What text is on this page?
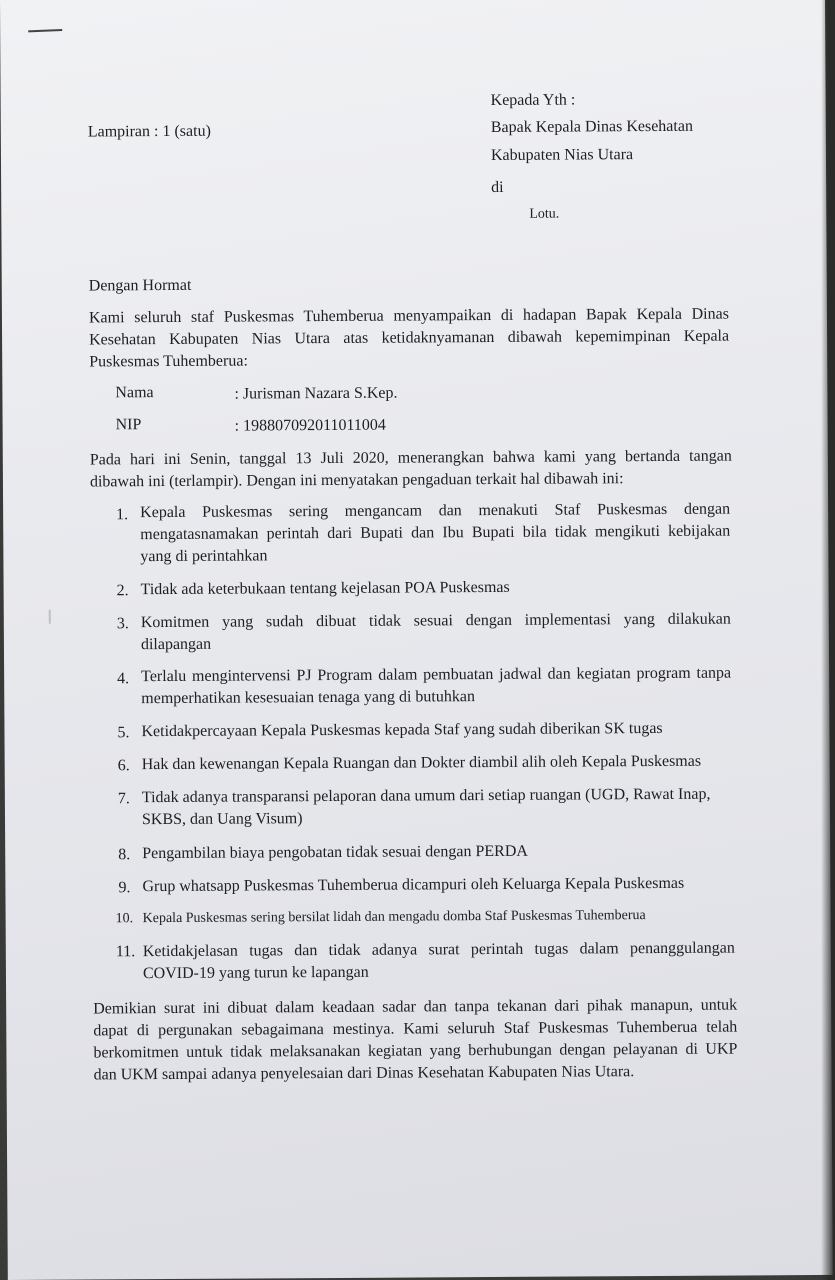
Kepada Yth :
Lampiran : 1 (satu)	Bapak Kepala Dinas Kesehatan
Kabupaten Nias Utara
di
Lotu.
Dengan Hormat
Kami seluruh staf Puskesmas Tuhemberua menyampaikan di hadapan Bapak Kepala Dinas
Kesehatan Kabupaten Nias Utara atas ketidaknyamanan dibawah kepemimpinan Kepala
Puskesmas Tuhemberua:
Nama	: Jurisman Nazara S.Kep.
NIP	: 198807092011011004
Pada hari ini Senin, tanggal 13 Juli 2020, menerangkan bahwa kami yang bertanda tangan
dibawah ini (terlampir). Dengan ini menyatakan pengaduan terkait hal dibawah ini:
1. Kepala Puskesmas sering mengancam dan menakuti Staf Puskesmas dengan
mengatasnamakan perintah dari Bupati dan Ibu Bupati bila tidak mengikuti kebijakan
yang di perintahkan
2. Tidak ada keterbukaan tentang kejelasan POA Puskesmas
3. Komitmen yang sudah dibuat tidak sesuai dengan implementasi yang dilakukan
dilapangan
4. Terlalu mengintervensi PJ Program dalam pembuatan jadwal dan kegiatan program tanpa
memperhatikan kesesuaian tenaga yang di butuhkan
5. Ketidakpercayaan Kepala Puskesmas kepada Staf yang sudah diberikan SK tugas
6. Hak dan kewenangan Kepala Ruangan dan Dokter diambil alih oleh Kepala Puskesmas
7. Tidak adanya transparansi pelaporan dana umum dari setiap ruangan (UGD, Rawat Inap,
SKBS, dan Uang Visum)
8. Pengambilan biaya pengobatan tidak sesuai dengan PERDA
9. Grup whatsapp Puskesmas Tuhemberua dicampuri oleh Keluarga Kepala Puskesmas
10. Kepala Puskesmas sering bersilat lidah dan mengadu domba Staf Puskesmas Tuhemberua
11. Ketidakjelasan tugas dan tidak adanya surat perintah tugas dalam penanggulangan
COVID-19 yang turun ke lapangan
Demikian surat ini dibuat dalam keadaan sadar dan tanpa tekanan dari pihak manapun, untuk
dapat di pergunakan sebagaimana mestinya. Kami seluruh Staf Puskesmas Tuhemberua telah
berkomitmen untuk tidak melaksanakan kegiatan yang berhubungan dengan pelayanan di UKP
dan UKM sampai adanya penyelesaian dari Dinas Kesehatan Kabupaten Nias Utara.
